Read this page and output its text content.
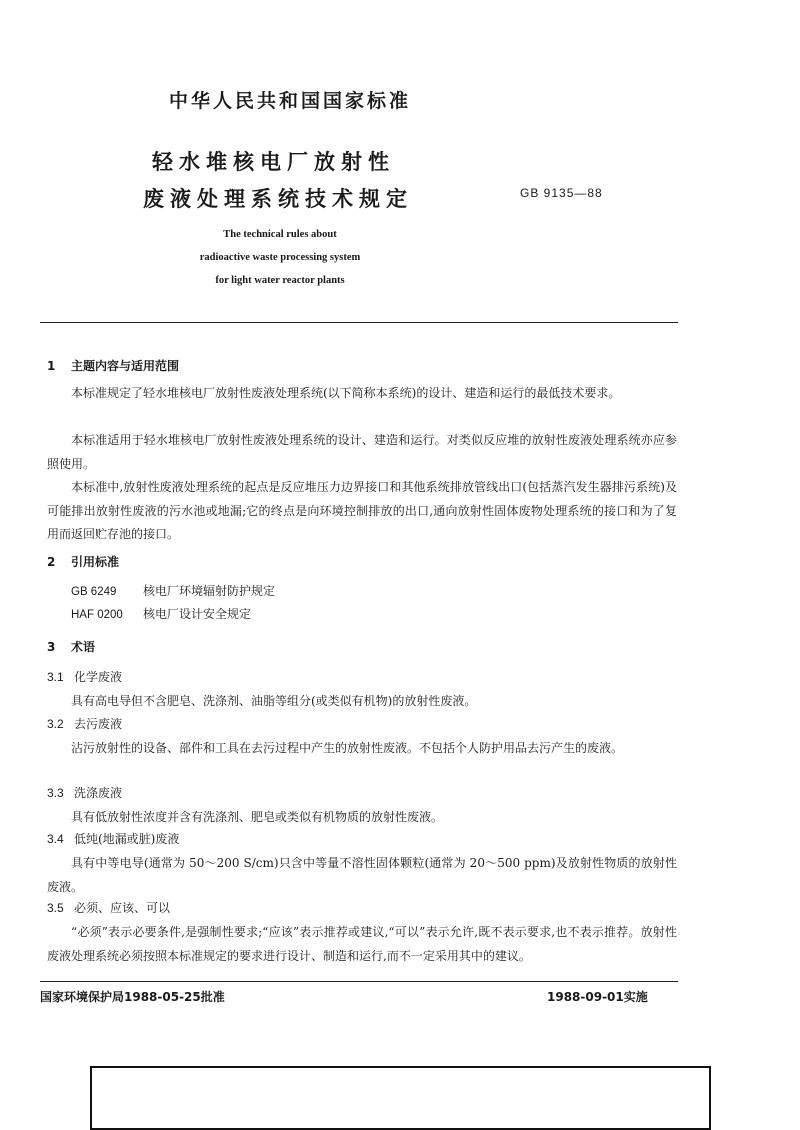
中华人民共和国国家标准
轻水堆核电厂放射性
废液处理系统技术规定	GB 9135—88
The technical rules about
radioactive waste processing system
for light water reactor plants
1 主题内容与适用范围
本标准规定了轻水堆核电厂放射性废液处理系统(以下简称本系统)的设计、建造和运行的最低技术要求。
本标准适用于轻水堆核电厂放射性废液处理系统的设计、建造和运行。对类似反应堆的放射性废液处理系统亦应参照使用。
本标准中,放射性废液处理系统的起点是反应堆压力边界接口和其他系统排放管线出口(包括蒸汽发生器排污系统)及可能排出放射性废液的污水池或地漏;它的终点是向环境控制排放的出口,通向放射性固体废物处理系统的接口和为了复用而返回贮存池的接口。
2 引用标准
GB 6249 核电厂环境辐射防护规定
HAF 0200 核电厂设计安全规定
3 术语
3.1 化学废液
具有高电导但不含肥皂、洗涤剂、油脂等组分(或类似有机物)的放射性废液。
3.2 去污废液
沾污放射性的设备、部件和工具在去污过程中产生的放射性废液。不包括个人防护用品去污产生的废液。
3.3 洗涤废液
具有低放射性浓度并含有洗涤剂、肥皂或类似有机物质的放射性废液。
3.4 低纯(地漏或脏)废液
具有中等电导(通常为 50～200 S/cm)只含中等量不溶性固体颗粒(通常为 20～500 ppm)及放射性物质的放射性废液。
3.5 必须、应该、可以
“必须”表示必要条件,是强制性要求;“应该”表示推荐或建议,“可以”表示允许,既不表示要求,也不表示推荐。放射性废液处理系统必须按照本标准规定的要求进行设计、制造和运行,而不一定采用其中的建议。
国家环境保护局1988-05-25批准	1988-09-01实施
